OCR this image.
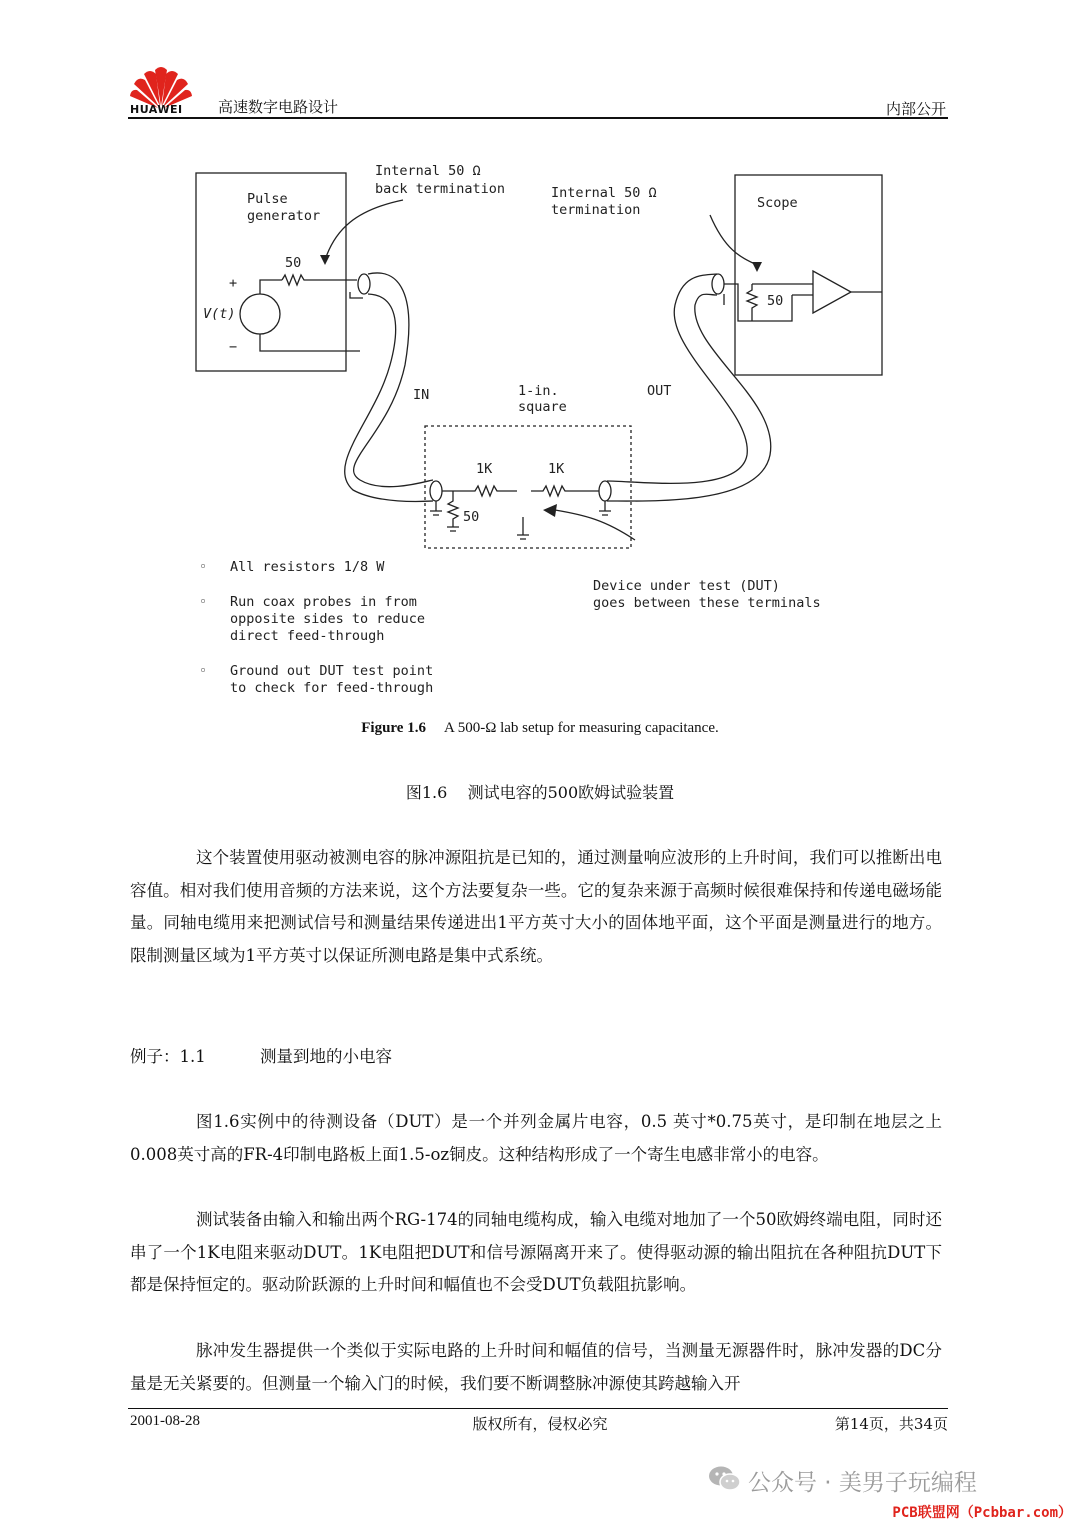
HUAWEI 高速数字电路设计	内部公开
Internal 50 Ω back termination	Internal 50 Ω termination
Pulse generator
Scope
50
50
50
V(t)
+
−
IN	OUT
1-in. square
1K	1K
Device under test (DUT) goes between these terminals
◦ All resistors 1/8 W
◦ Run coax probes in from opposite sides to reduce direct feed-through
◦ Ground out DUT test point to check for feed-through
Figure 1.6 A 500-Ω lab setup for measuring capacitance.
图1.6    测试电容的500欧姆试验装置
这个装置使用驱动被测电容的脉冲源阻抗是已知的，通过测量响应波形的上升时间，我们可以推断出电容值。相对我们使用音频的方法来说，这个方法要复杂一些。它的复杂来源于高频时候很难保持和传递电磁场能量。同轴电缆用来把测试信号和测量结果传递进出1平方英寸大小的固体地平面，这个平面是测量进行的地方。限制测量区域为1平方英寸以保证所测电路是集中式系统。
例子：1.1	测量到地的小电容
图1.6实例中的待测设备（DUT）是一个并列金属片电容，0.5 英寸*0.75英寸，是印制在地层之上0.008英寸高的FR-4印制电路板上面1.5-oz铜皮。这种结构形成了一个寄生电感非常小的电容。
测试装备由输入和输出两个RG-174的同轴电缆构成，输入电缆对地加了一个50欧姆终端电阻，同时还串了一个1K电阻来驱动DUT。1K电阻把DUT和信号源隔离开来了。使得驱动源的输出阻抗在各种阻抗DUT下都是保持恒定的。驱动阶跃源的上升时间和幅值也不会受DUT负载阻抗影响。
脉冲发生器提供一个类似于实际电路的上升时间和幅值的信号，当测量无源器件时，脉冲发器的DC分量是无关紧要的。但测量一个输入门的时候，我们要不断调整脉冲源使其跨越输入开
2001-08-28	版权所有，侵权必究	第14页，共34页
公众号 · 美男子玩编程
PCB联盟网（Pcbbar.com）
